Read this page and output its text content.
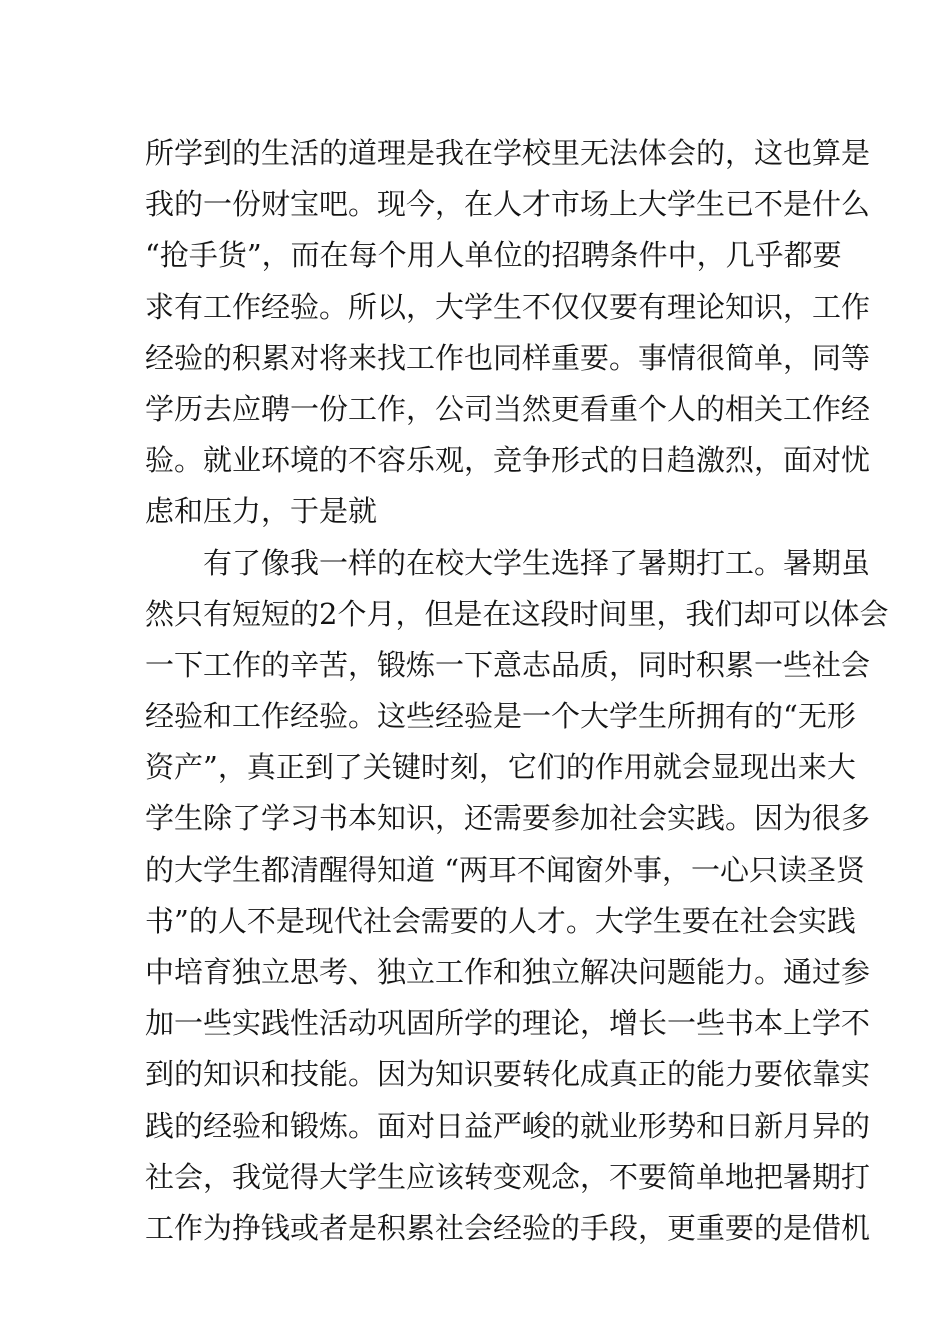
所学到的生活的道理是我在学校里无法体会的，这也算是
我的一份财宝吧。现今，在人才市场上大学生已不是什么
“抢手货”，而在每个用人单位的招聘条件中，几乎都要
求有工作经验。所以，大学生不仅仅要有理论知识，工作
经验的积累对将来找工作也同样重要。事情很简单，同等
学历去应聘一份工作，公司当然更看重个人的相关工作经
验。就业环境的不容乐观，竞争形式的日趋激烈，面对忧
虑和压力，于是就
有了像我一样的在校大学生选择了暑期打工。暑期虽
然只有短短的2个月，但是在这段时间里，我们却可以体会
一下工作的辛苦，锻炼一下意志品质，同时积累一些社会
经验和工作经验。这些经验是一个大学生所拥有的“无形
资产”，真正到了关键时刻，它们的作用就会显现出来大
学生除了学习书本知识，还需要参加社会实践。因为很多
的大学生都清醒得知道 “两耳不闻窗外事，一心只读圣贤
书”的人不是现代社会需要的人才。大学生要在社会实践
中培育独立思考、独立工作和独立解决问题能力。通过参
加一些实践性活动巩固所学的理论，增长一些书本上学不
到的知识和技能。因为知识要转化成真正的能力要依靠实
践的经验和锻炼。面对日益严峻的就业形势和日新月异的
社会，我觉得大学生应该转变观念，不要简单地把暑期打
工作为挣钱或者是积累社会经验的手段，更重要的是借机
